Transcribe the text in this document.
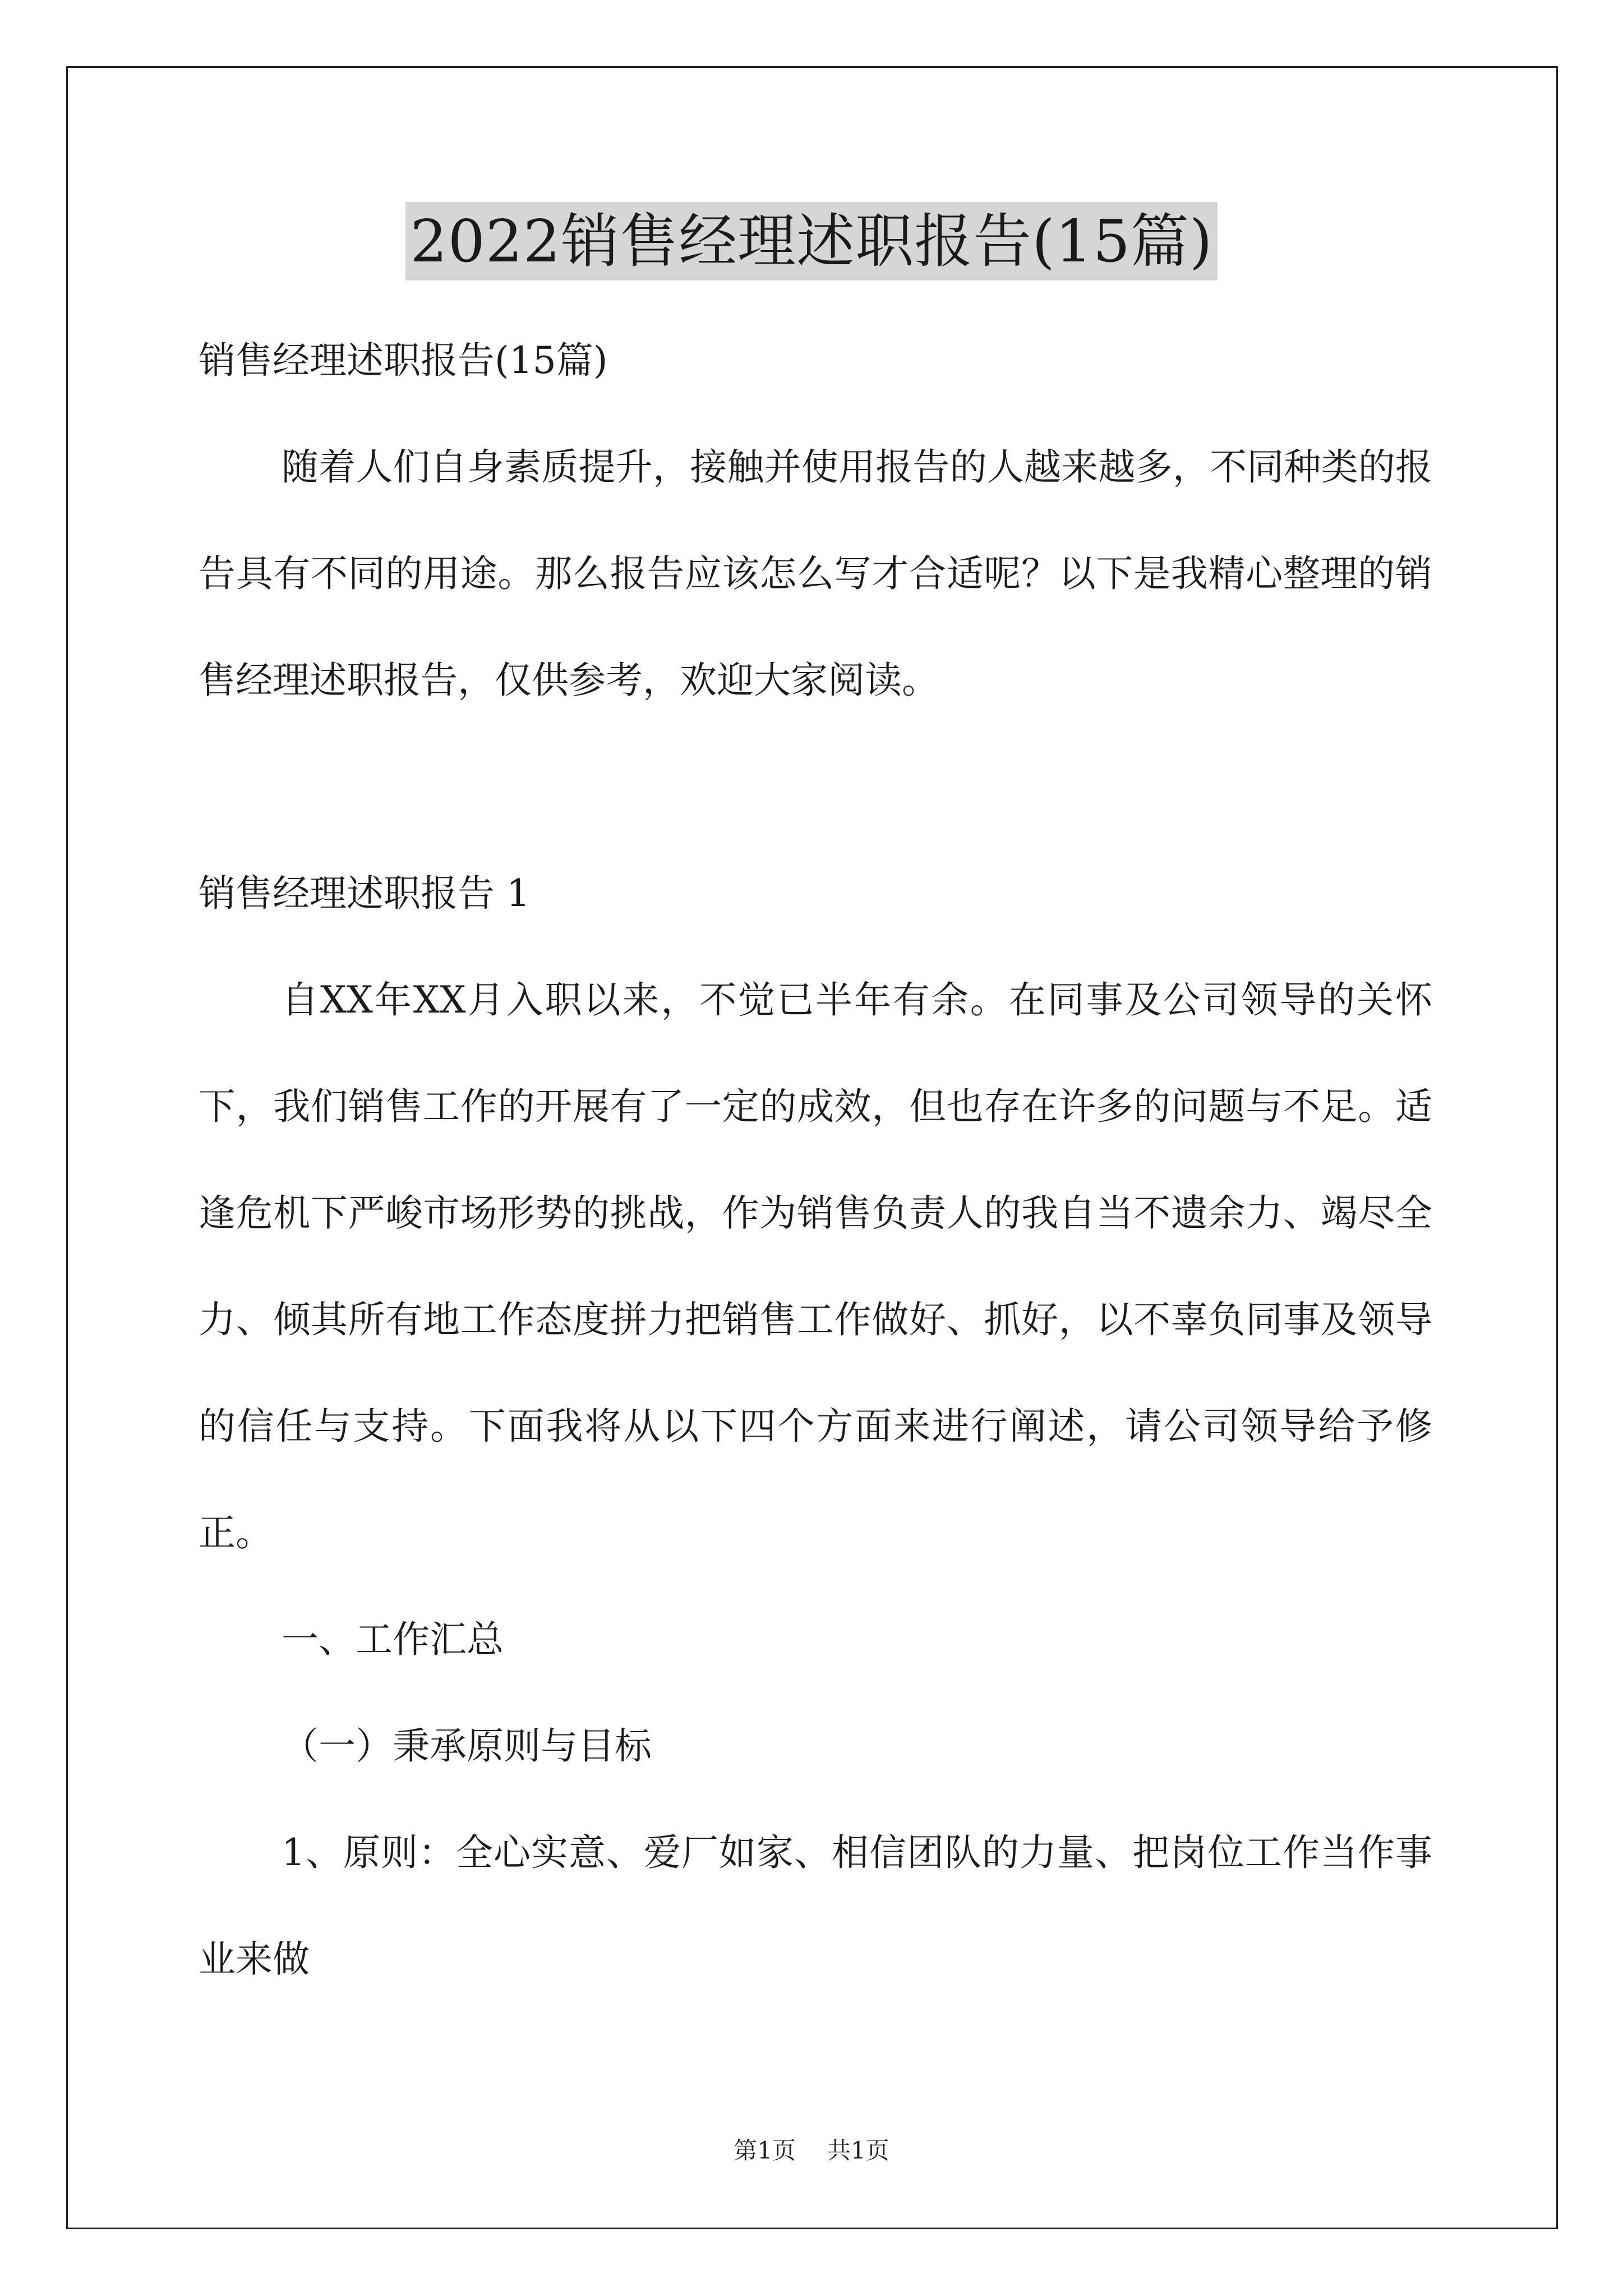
2022销售经理述职报告(15篇)
销售经理述职报告(15篇)
随着人们自身素质提升，接触并使用报告的人越来越多，不同种类的报告具有不同的用途。那么报告应该怎么写才合适呢？以下是我精心整理的销售经理述职报告，仅供参考，欢迎大家阅读。
销售经理述职报告 1
自XX年XX月入职以来，不觉已半年有余。在同事及公司领导的关怀下，我们销售工作的开展有了一定的成效，但也存在许多的问题与不足。适逢危机下严峻市场形势的挑战，作为销售负责人的我自当不遗余力、竭尽全力、倾其所有地工作态度拼力把销售工作做好、抓好，以不辜负同事及领导的信任与支持。下面我将从以下四个方面来进行阐述，请公司领导给予修正。
一、工作汇总
（一）秉承原则与目标
1、原则：全心实意、爱厂如家、相信团队的力量、把岗位工作当作事业来做
第1页 共1页
